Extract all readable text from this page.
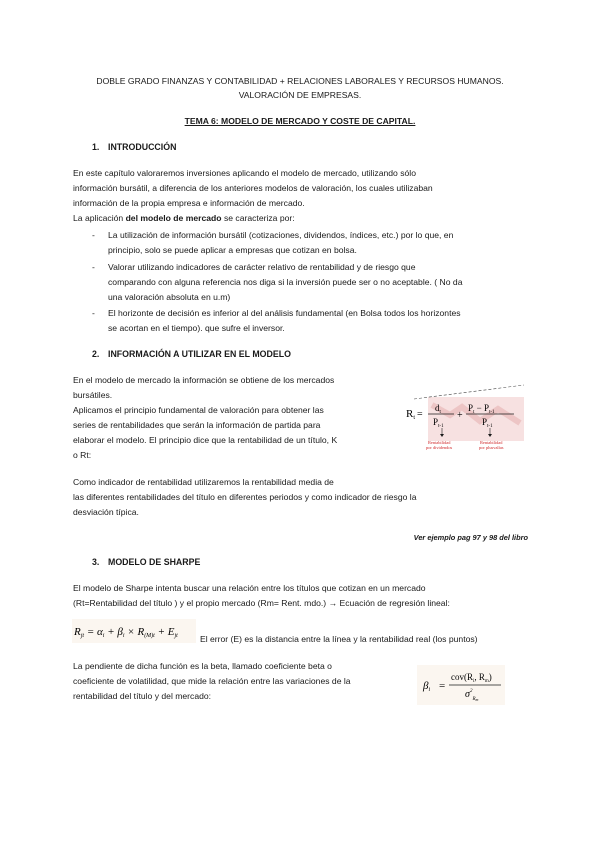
DOBLE GRADO FINANZAS Y CONTABILIDAD + RELACIONES LABORALES Y RECURSOS HUMANOS.
VALORACIÓN DE EMPRESAS.
TEMA 6: MODELO DE MERCADO Y COSTE DE CAPITAL.
1. INTRODUCCIÓN
En este capítulo valoraremos inversiones aplicando el modelo de mercado, utilizando sólo
información bursátil, a diferencia de los anteriores modelos de valoración, los cuales utilizaban
información de la propia empresa e información de mercado.
La aplicación del modelo de mercado se caracteriza por:
- La utilización de información bursátil (cotizaciones, dividendos, índices, etc.) por lo que, en
principio, solo se puede aplicar a empresas que cotizan en bolsa.
- Valorar utilizando indicadores de carácter relativo de rentabilidad y de riesgo que
comparando con alguna referencia nos diga si la inversión puede ser o no aceptable. ( No da
una valoración absoluta en u.m)
- El horizonte de decisión es inferior al del análisis fundamental (en Bolsa todos los horizontes
se acortan en el tiempo). que sufre el inversor.
2. INFORMACIÓN A UTILIZAR EN EL MODELO
En el modelo de mercado la información se obtiene de los mercados
bursátiles.
Aplicamos el principio fundamental de valoración para obtener las
series de rentabilidades que serán la información de partida para
elaborar el modelo. El principio dice que la rentabilidad de un título, K
o Rt:
Rt =
$d_t$
$P_{t-1}$
+
$P_t - P_{t-1}$
$P_{t-1}$
Rentabilidad
por dividendos
Rentabilidad
por plusvalías
Como indicador de rentabilidad utilizaremos la rentabilidad media de
las diferentes rentabilidades del título en diferentes periodos y como indicador de riesgo la
desviación típica.
Ver ejemplo pag 97 y 98 del libro
3. MODELO DE SHARPE
El modelo de Sharpe intenta buscar una relación entre los títulos que cotizan en un mercado
(Rt=Rentabilidad del título ) y el propio mercado (Rm= Rent. mdo.) → Ecuación de regresión lineal:
Rjt = αi + βi × R(M)t + Ejt	El error (E) es la distancia entre la línea y la rentabilidad real (los puntos)
La pendiente de dicha función es la beta, llamado coeficiente beta o
coeficiente de volatilidad, que mide la relación entre las variaciones de la
rentabilidad del título y del mercado:
βi =
$cov(R_i$, $R_m$)
$\sigma^2_Rm$
